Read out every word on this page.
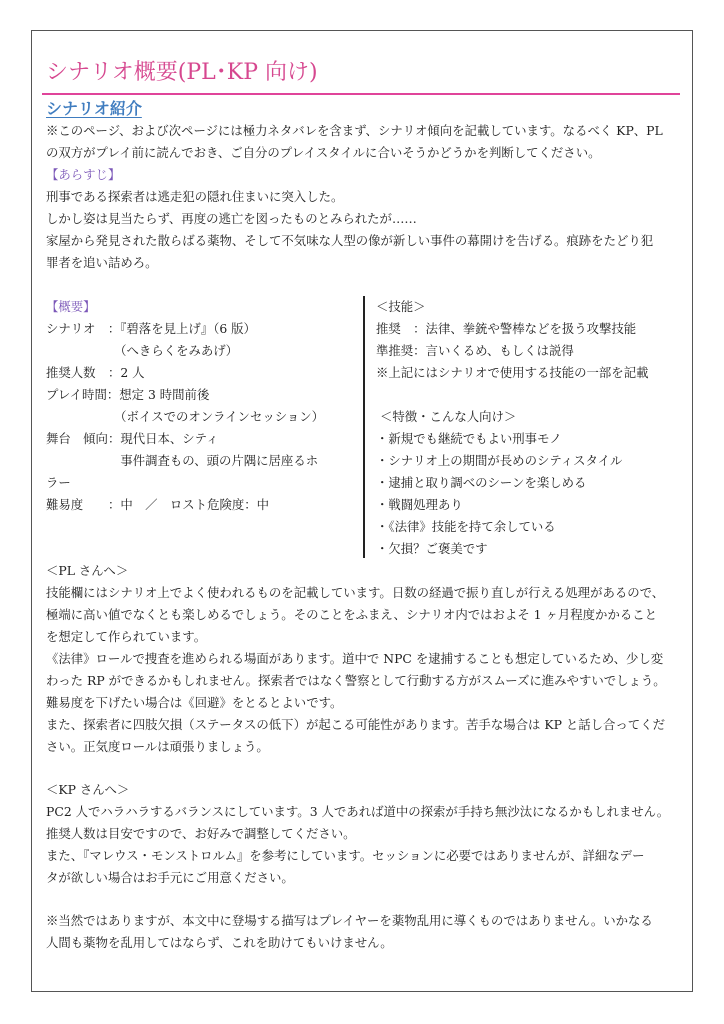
シナリオ概要(PL･KP 向け)
シナリオ紹介

※このページ、および次ページには極力ネタバレを含まず、シナリオ傾向を記載しています。なるべく KP、PL

の双方がプレイ前に読んでおき、ご自分のプレイスタイルに合いそうかどうかを判断してください。

【あらすじ】

刑事である探索者は逃走犯の隠れ住まいに突入した。

しかし姿は見当たらず、再度の逃亡を図ったものとみられたが……

家屋から発見された散らばる薬物、そして不気味な人型の像が新しい事件の幕開けを告げる。痕跡をたどり犯

罪者を追い詰めろ。

【概要】

シナリオ　：『碧落を見上げ』（6 版）

　　　　　　（へきらくをみあげ）

推奨人数　：2 人

プレイ時間：想定 3 時間前後

　　　　　　（ボイスでのオンラインセッション）

舞台　傾向：現代日本、シティ

　　　　　　事件調査もの、頭の片隅に居座るホ

ラー

難易度　　：中　／　ロスト危険度：中

＜技能＞

推奨　：法律、拳銃や警棒などを扱う攻撃技能

準推奨：言いくるめ、もしくは説得

※上記にはシナリオで使用する技能の一部を記載

＜特徴・こんな人向け＞

・新規でも継続でもよい刑事モノ

・シナリオ上の期間が長めのシティスタイル

・逮捕と取り調べのシーンを楽しめる

・戦闘処理あり

・《法律》技能を持て余している

・欠損？ご褒美です

＜PL さんへ＞

技能欄にはシナリオ上でよく使われるものを記載しています。日数の経過で振り直しが行える処理があるので、

極端に高い値でなくとも楽しめるでしょう。そのことをふまえ、シナリオ内ではおよそ 1 ヶ月程度かかること

を想定して作られています。

《法律》ロールで捜査を進められる場面があります。道中で NPC を逮捕することも想定しているため、少し変

わった RP ができるかもしれません。探索者ではなく警察として行動する方がスムーズに進みやすいでしょう。

難易度を下げたい場合は《回避》をとるとよいです。

また、探索者に四肢欠損（ステータスの低下）が起こる可能性があります。苦手な場合は KP と話し合ってくだ

さい。正気度ロールは頑張りましょう。

＜KP さんへ＞

PC2 人でハラハラするバランスにしています。3 人であれば道中の探索が手持ち無沙汰になるかもしれません。

推奨人数は目安ですので、お好みで調整してください。

また、『マレウス・モンストロルム』を参考にしています。セッションに必要ではありませんが、詳細なデー

タが欲しい場合はお手元にご用意ください。

※当然ではありますが、本文中に登場する描写はプレイヤーを薬物乱用に導くものではありません。いかなる

人間も薬物を乱用してはならず、これを助けてもいけません。
